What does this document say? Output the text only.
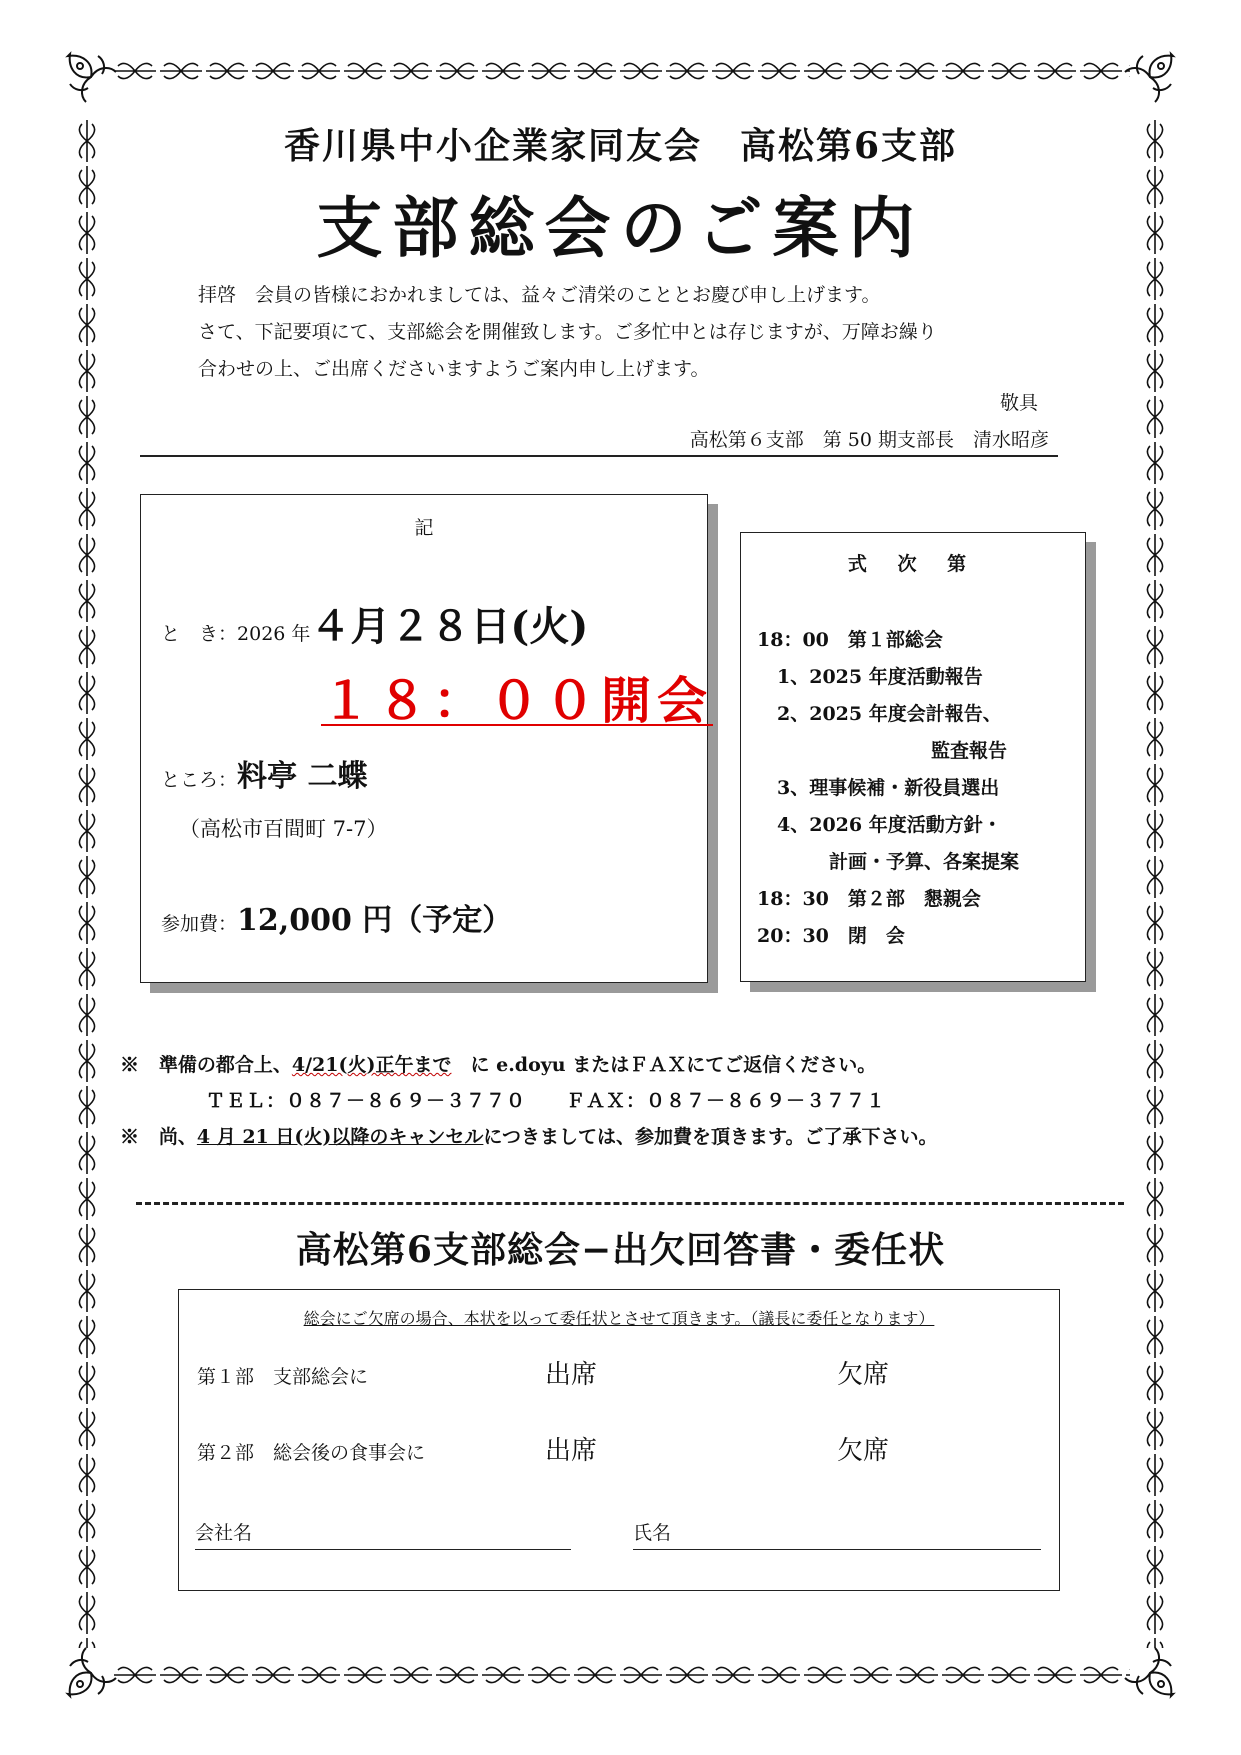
香川県中小企業家同友会　高松第6支部
支部総会のご案内
拝啓　会員の皆様におかれましては、益々ご清栄のこととお慶び申し上げます。
さて、下記要項にて、支部総会を開催致します。ご多忙中とは存じますが、万障お繰り
合わせの上、ご出席くださいますようご案内申し上げます。
敬具
高松第６支部　第 50 期支部長　清水昭彦
記
と　き：2026 年４月２８日(火)
１８：００開会
ところ：料亭 二蝶
（高松市百間町 7-7）
参加費：12,000 円（予定）
式 次 第
18：00　第１部総会
1、2025 年度活動報告
2、2025 年度会計報告、
監査報告
3、理事候補・新役員選出
4、2026 年度活動方針・
計画・予算、各案提案
18：30　第２部　懇親会
20：30　閉　会
※ 準備の都合上、4/21(火)正午まで　に e.doyu またはＦＡＸにてご返信ください。
ＴＥＬ：０８７－８６９－３７７０　　ＦＡＸ：０８７－８６９－３７７１
※ 尚、4 月 21 日(火)以降のキャンセルにつきましては、参加費を頂きます。ご了承下さい。
高松第6支部総会−出欠回答書・委任状
総会にご欠席の場合、本状を以って委任状とさせて頂きます。（議長に委任となります）
第１部　支部総会に	出席	欠席
第２部　総会後の食事会に	出席	欠席
会社名	氏名
